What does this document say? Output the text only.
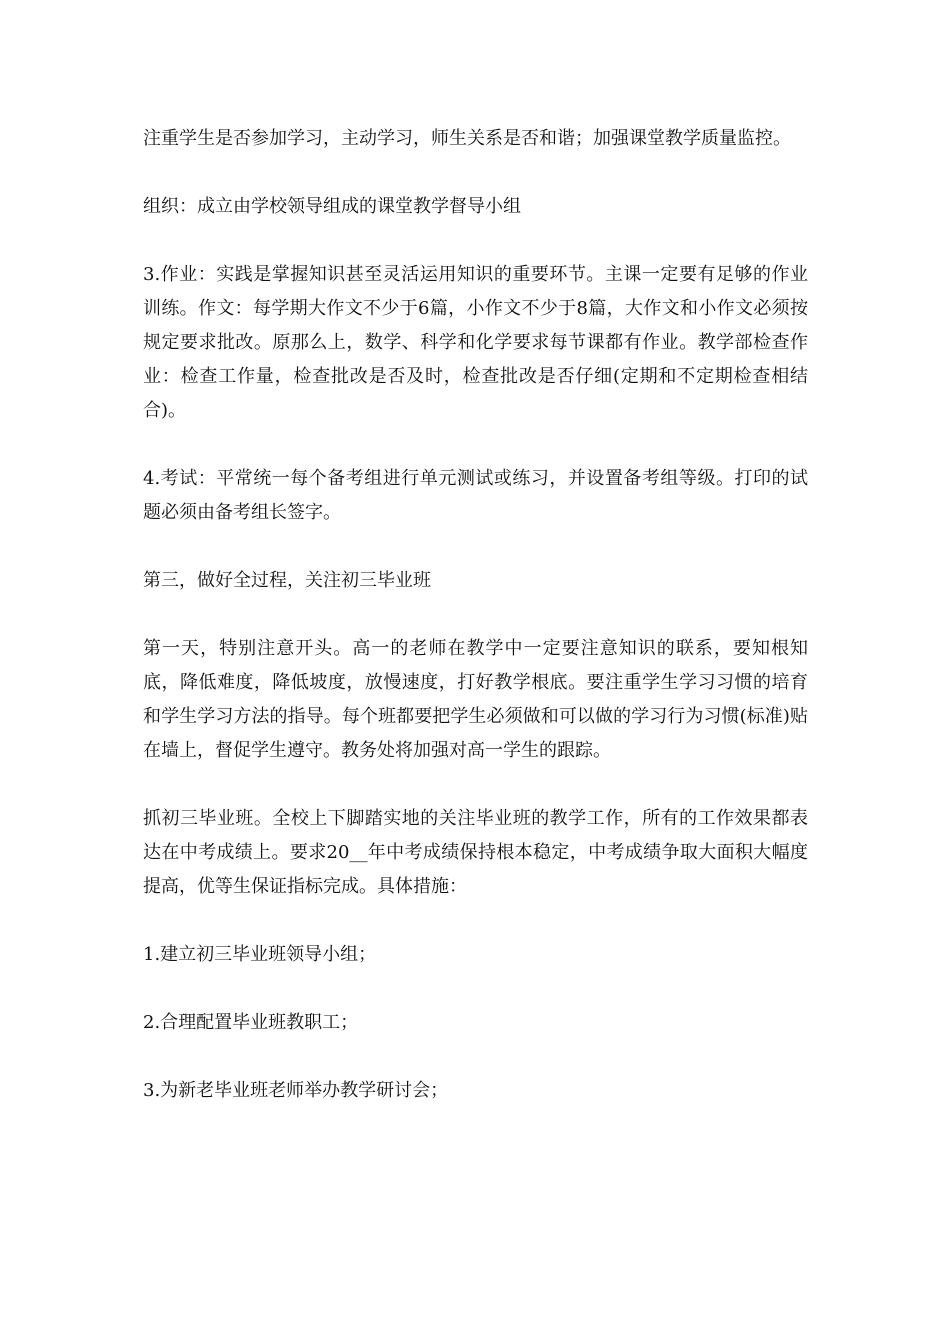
注重学生是否参加学习，主动学习，师生关系是否和谐；加强课堂教学质量监控。

组织：成立由学校领导组成的课堂教学督导小组

3.作业：实践是掌握知识甚至灵活运用知识的重要环节。主课一定要有足够的作业训练。作文：每学期大作文不少于6篇，小作文不少于8篇，大作文和小作文必须按规定要求批改。原那么上，数学、科学和化学要求每节课都有作业。教学部检查作业：检查工作量，检查批改是否及时，检查批改是否仔细(定期和不定期检查相结合)。

4.考试：平常统一每个备考组进行单元测试或练习，并设置备考组等级。打印的试题必须由备考组长签字。

第三，做好全过程，关注初三毕业班

第一天，特别注意开头。高一的老师在教学中一定要注意知识的联系，要知根知底，降低难度，降低坡度，放慢速度，打好教学根底。要注重学生学习习惯的培育和学生学习方法的指导。每个班都要把学生必须做和可以做的学习行为习惯(标准)贴在墙上，督促学生遵守。教务处将加强对高一学生的跟踪。

抓初三毕业班。全校上下脚踏实地的关注毕业班的教学工作，所有的工作效果都表达在中考成绩上。要求20__年中考成绩保持根本稳定，中考成绩争取大面积大幅度提高，优等生保证指标完成。具体措施：

1.建立初三毕业班领导小组；

2.合理配置毕业班教职工；

3.为新老毕业班老师举办教学研讨会；
